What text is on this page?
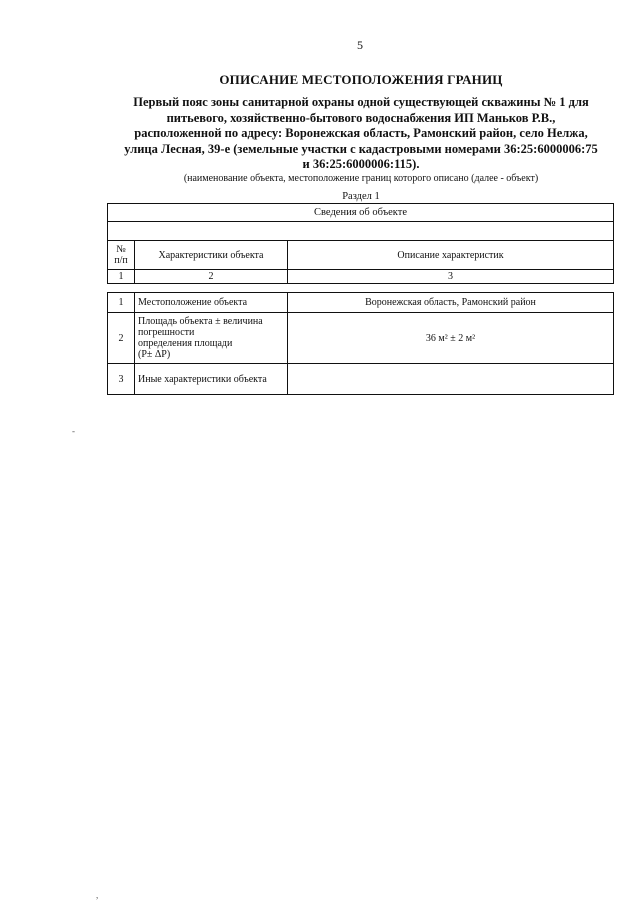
5
ОПИСАНИЕ МЕСТОПОЛОЖЕНИЯ ГРАНИЦ
Первый пояс зоны санитарной охраны одной существующей скважины № 1 для
питьевого, хозяйственно-бытового водоснабжения ИП Маньков Р.В.,
расположенной по адресу: Воронежская область, Рамонский район, село Нелжа,
улица Лесная, 39-е (земельные участки с кадастровыми номерами 36:25:6000006:75
и 36:25:6000006:115).
(наименование объекта, местоположение границ которого описано (далее - объект)
Раздел 1
Сведения об объекте		

№
п/п	Характеристики объекта	Описание характеристик
1	2	3
1	Местоположение объекта	Воронежская область, Рамонский район
2	Площадь объекта ± величина
погрешности
определения площади
(Р± ΔР)	36 м² ± 2 м²
3	Иные характеристики объекта	
-
,
